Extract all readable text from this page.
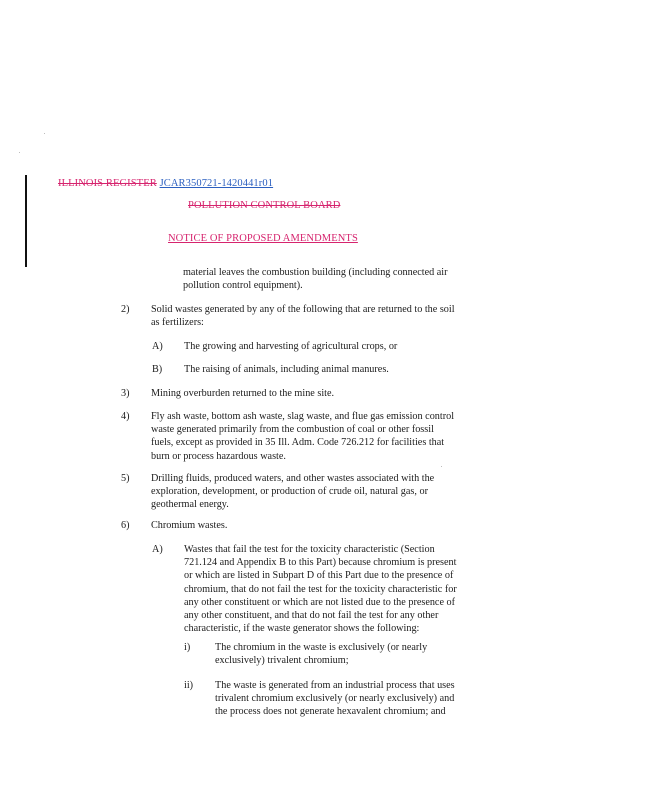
ILLINOIS REGISTER JCAR350721-1420441r01
POLLUTION CONTROL BOARD
NOTICE OF PROPOSED AMENDMENTS
material leaves the combustion building (including connected air
pollution control equipment).
2) Solid wastes generated by any of the following that are returned to the soil
as fertilizers:
A) The growing and harvesting of agricultural crops, or
B) The raising of animals, including animal manures.
3) Mining overburden returned to the mine site.
4) Fly ash waste, bottom ash waste, slag waste, and flue gas emission control
waste generated primarily from the combustion of coal or other fossil
fuels, except as provided in 35 Ill. Adm. Code 726.212 for facilities that
burn or process hazardous waste.
5) Drilling fluids, produced waters, and other wastes associated with the
exploration, development, or production of crude oil, natural gas, or
geothermal energy.
6) Chromium wastes.
A) Wastes that fail the test for the toxicity characteristic (Section
721.124 and Appendix B to this Part) because chromium is present
or which are listed in Subpart D of this Part due to the presence of
chromium, that do not fail the test for the toxicity characteristic for
any other constituent or which are not listed due to the presence of
any other constituent, and that do not fail the test for any other
characteristic, if the waste generator shows the following:
i) The chromium in the waste is exclusively (or nearly
exclusively) trivalent chromium;
ii) The waste is generated from an industrial process that uses
trivalent chromium exclusively (or nearly exclusively) and
the process does not generate hexavalent chromium; and
